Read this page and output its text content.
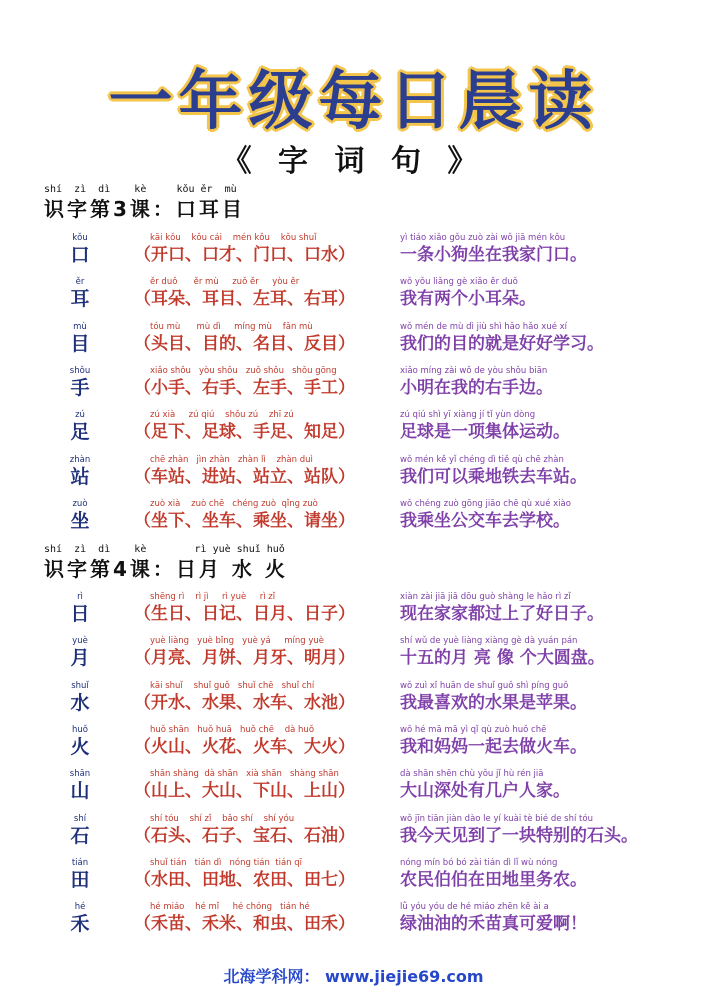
一年级每日晨读
《 字 词 句 》
shí  zì  dì    kè     kǒu ěr  mù
识字第3课：口耳目
kǒu
口
kāi kǒu    kǒu cái    mén kǒu    kǒu shuǐ
（开口、口才、门口、口水）
yì tiáo xiǎo gǒu zuò zài wǒ jiā mén kǒu
一条小狗坐在我家门口。
ěr
耳
ěr duǒ      ěr mù     zuǒ ěr     yòu ěr
（耳朵、耳目、左耳、右耳）
wǒ yǒu liǎng gè xiǎo ěr duǒ
我有两个小耳朵。
mù
目
tóu mù      mù dì     míng mù    fǎn mù
（头目、目的、名目、反目）
wǒ mén de mù dì jiù shì hǎo hǎo xué xí
我们的目的就是好好学习。
shǒu
手
xiǎo shǒu   yòu shǒu   zuǒ shǒu   shǒu gōng
（小手、右手、左手、手工）
xiǎo míng zài wǒ de yòu shǒu biān
小明在我的右手边。
zú
足
zú xià     zú qiú    shǒu zú    zhī zú
（足下、足球、手足、知足）
zú qiú shì yī xiàng jí tǐ yùn dòng
足球是一项集体运动。
zhàn
站
chē zhàn   jìn zhàn   zhàn lì    zhàn duì
（车站、进站、站立、站队）
wǒ mén kě yǐ chéng dì tiě qù chē zhàn
我们可以乘地铁去车站。
zuò
坐
zuò xià    zuò chē   chéng zuò  qǐng zuò
（坐下、坐车、乘坐、请坐）
wǒ chéng zuò gōng jiāo chē qù xué xiào
我乘坐公交车去学校。
shí  zì  dì    kè        rì yuè shuǐ huǒ
识字第4课：日月 水 火
rì
日
shēng rì    rì jì     rì yuè     rì zǐ
（生日、日记、日月、日子）
xiàn zài jiā jiā dōu guò shàng le hǎo rì zǐ
现在家家都过上了好日子。
yuè
月
yuè liàng   yuè bǐng   yuè yá     míng yuè
（月亮、月饼、月牙、明月）
shí wǔ de yuè liàng xiàng gè dà yuán pán
十五的月 亮 像 个大圆盘。
shuǐ
水
kāi shuǐ    shuǐ guǒ   shuǐ chē   shuǐ chí
（开水、水果、水车、水池）
wǒ zuì xǐ huān de shuǐ guǒ shì píng guǒ
我最喜欢的水果是苹果。
huǒ
火
huǒ shān   huǒ huā   huǒ chē    dà huǒ
（火山、火花、火车、大火）
wǒ hé mā mā yì qǐ qù zuò huǒ chē
我和妈妈一起去做火车。
shān
山
shān shàng  dà shān   xià shān   shàng shān
（山上、大山、下山、上山）
dà shān shēn chù yǒu jǐ hù rén jiā
大山深处有几户人家。
shí
石
shí tóu    shí zǐ    bǎo shí    shí yóu
（石头、石子、宝石、石油）
wǒ jīn tiān jiàn dào le yí kuài tè bié de shí tóu
我今天见到了一块特别的石头。
tián
田
shuǐ tián   tián dì   nóng tián  tián qī
（水田、田地、农田、田七）
nóng mín bó bó zài tián dì lǐ wù nóng
农民伯伯在田地里务农。
hé
禾
hé miáo    hé mǐ     hé chóng   tián hé
（禾苗、禾米、和虫、田禾）
lǜ yóu yóu de hé miáo zhēn kě ài a
绿油油的禾苗真可爱啊！
北海学科网： www.jiejie69.com
